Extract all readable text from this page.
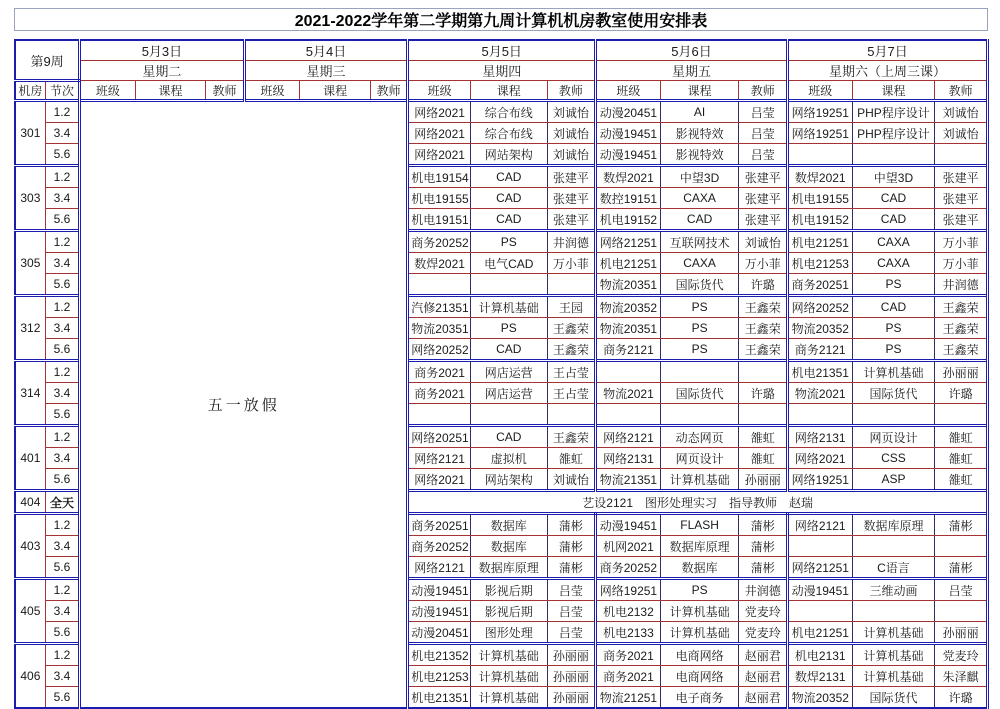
2021-2022学年第二学期第九周计算机机房教室使用安排表
第9周		5月3日			5月4日			5月5日			5月6日			5月7日		
		星期二			星期三			星期四			星期五			星期六（上周三课）		
机房	节次	班级	课程	教师	班级	课程	教师	班级	课程	教师	班级	课程	教师	班级	课程	教师
301	1.2	五一放假						网络2021	综合布线	刘诚怡	动漫20451	AI	吕莹	网络19251	PHP程序设计	刘诚怡
	3.4							网络2021	综合布线	刘诚怡	动漫19451	影视特效	吕莹	网络19251	PHP程序设计	刘诚怡
	5.6							网络2021	网站架构	刘诚怡	动漫19451	影视特效	吕莹			
303	1.2							机电19154	CAD	张建平	数焊2021	中望3D	张建平	数焊2021	中望3D	张建平
	3.4							机电19155	CAD	张建平	数控19151	CAXA	张建平	机电19155	CAD	张建平
	5.6							机电19151	CAD	张建平	机电19152	CAD	张建平	机电19152	CAD	张建平
305	1.2							商务20252	PS	井润德	网络21251	互联网技术	刘诚怡	机电21251	CAXA	万小菲
	3.4							数焊2021	电气CAD	万小菲	机电21251	CAXA	万小菲	机电21253	CAXA	万小菲
	5.6										物流20351	国际货代	许璐	商务20251	PS	井润德
312	1.2							汽修21351	计算机基础	王园	物流20352	PS	王鑫荣	网络20252	CAD	王鑫荣
	3.4							物流20351	PS	王鑫荣	物流20351	PS	王鑫荣	物流20352	PS	王鑫荣
	5.6							网络20252	CAD	王鑫荣	商务2121	PS	王鑫荣	商务2121	PS	王鑫荣
314	1.2							商务2021	网店运营	王占莹				机电21351	计算机基础	孙丽丽
	3.4							商务2021	网店运营	王占莹	物流2021	国际货代	许璐	物流2021	国际货代	许璐
	5.6															
401	1.2							网络20251	CAD	王鑫荣	网络2121	动态网页	雒虹	网络2131	网页设计	雒虹
	3.4							网络2121	虚拟机	雒虹	网络2131	网页设计	雒虹	网络2021	CSS	雒虹
	5.6							网络2021	网站架构	刘诚怡	物流21351	计算机基础	孙丽丽	网络19251	ASP	雒虹
404	全天							艺设2121　图形处理实习　指导教师　赵瑞								
403	1.2							商务20251	数据库	蒲彬	动漫19451	FLASH	蒲彬	网络2121	数据库原理	蒲彬
	3.4							商务20252	数据库	蒲彬	机网2021	数据库原理	蒲彬			
	5.6							网络2121	数据库原理	蒲彬	商务20252	数据库	蒲彬	网络21251	C语言	蒲彬
405	1.2							动漫19451	影视后期	吕莹	网络19251	PS	井润德	动漫19451	三维动画	吕莹
	3.4							动漫19451	影视后期	吕莹	机电2132	计算机基础	党麦玲			
	5.6							动漫20451	图形处理	吕莹	机电2133	计算机基础	党麦玲	机电21251	计算机基础	孙丽丽
406	1.2							机电21352	计算机基础	孙丽丽	商务2021	电商网络	赵丽君	机电2131	计算机基础	党麦玲
	3.4							机电21253	计算机基础	孙丽丽	商务2021	电商网络	赵丽君	数焊2131	计算机基础	朱泽麒
	5.6							机电21351	计算机基础	孙丽丽	物流21251	电子商务	赵丽君	物流20352	国际货代	许璐
